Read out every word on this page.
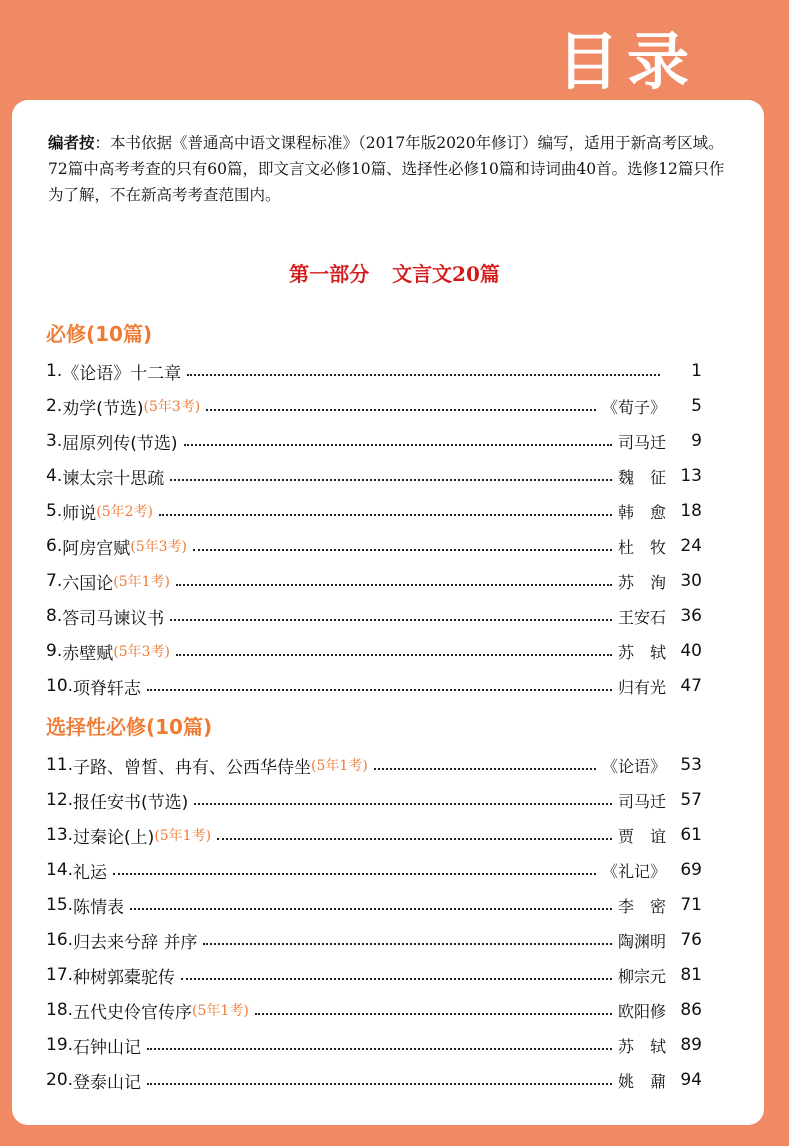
目录
编者按：本书依据《普通高中语文课程标准》（2017年版2020年修订）编写，适用于新高考区域。72篇中高考考查的只有60篇，即文言文必修10篇、选择性必修10篇和诗词曲40首。选修12篇只作为了解，不在新高考考查范围内。
第一部分 文言文20篇
必修(10篇)
1. 《论语》十二章	1
2. 劝学(节选) (5年3考)	《荀子》	5
3. 屈原列传(节选)	司马迁	9
4. 谏太宗十思疏	魏　征 13
5. 师说 (5年2考)	韩　愈 18
6. 阿房宫赋 (5年3考)	杜　牧 24
7. 六国论 (5年1考)	苏　洵 30
8. 答司马谏议书	王安石 36
9. 赤壁赋 (5年3考)	苏　轼 40
10. 项脊轩志	归有光 47
选择性必修(10篇)
11. 子路、曾皙、冉有、公西华侍坐 (5年1考)	《论语》 53
12. 报任安书(节选)	司马迁 57
13. 过秦论(上) (5年1考)	贾　谊 61
14. 礼运	《礼记》 69
15. 陈情表	李　密 71
16. 归去来兮辞 并序	陶渊明 76
17. 种树郭橐驼传	柳宗元 81
18. 五代史伶官传序 (5年1考)	欧阳修 86
19. 石钟山记	苏　轼 89
20. 登泰山记	姚　鼐 94
